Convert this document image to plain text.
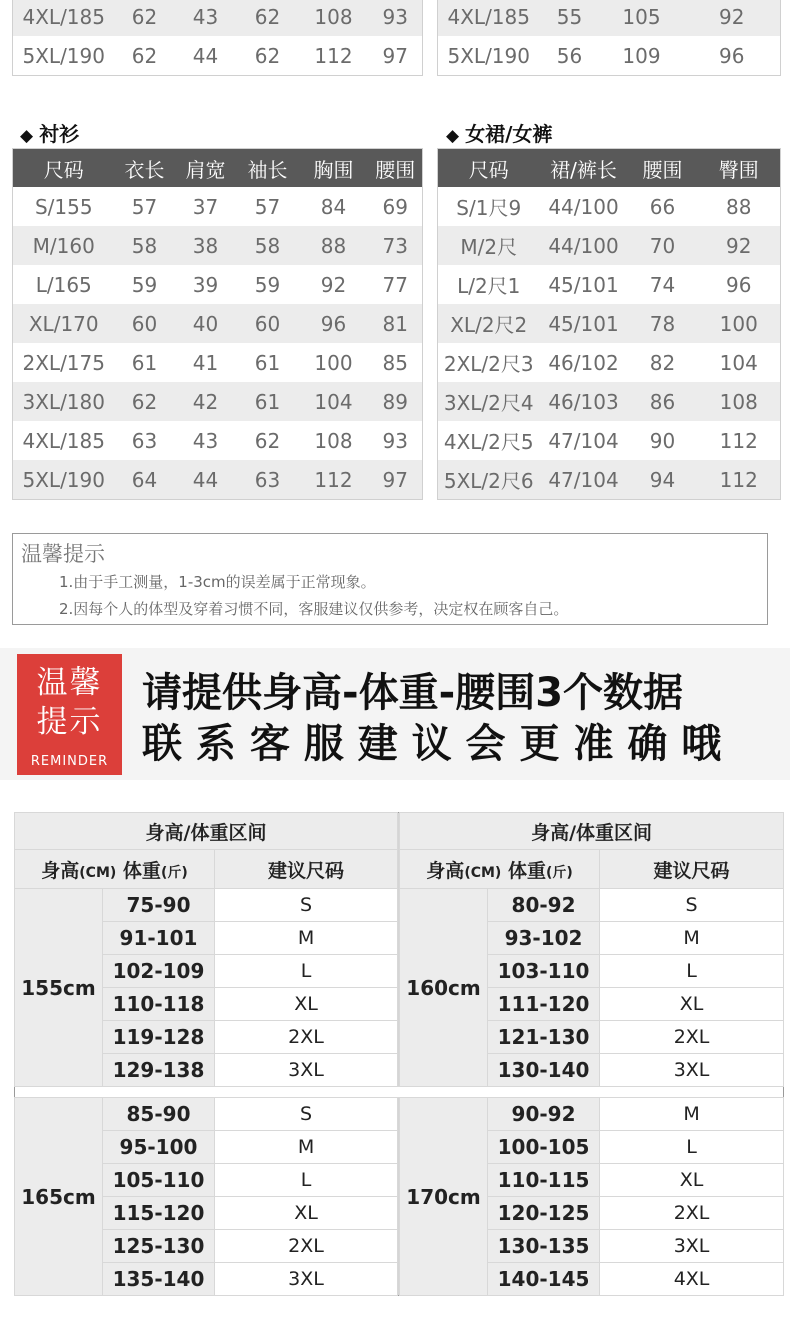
4XL/185	62	43	62	108	93
5XL/190	62	44	62	112	97
4XL/185	55	105	92
5XL/190	56	109	96
◆ 衬衫
尺码	衣长	肩宽	袖长	胸围	腰围
S/155	57	37	57	84	69
M/160	58	38	58	88	73
L/165	59	39	59	92	77
XL/170	60	40	60	96	81
2XL/175	61	41	61	100	85
3XL/180	62	42	61	104	89
4XL/185	63	43	62	108	93
5XL/190	64	44	63	112	97
◆ 女裙/女裤
尺码	裙/裤长	腰围	臀围
S/1尺9	44/100	66	88
M/2尺	44/100	70	92
L/2尺1	45/101	74	96
XL/2尺2	45/101	78	100
2XL/2尺3	46/102	82	104
3XL/2尺4	46/103	86	108
4XL/2尺5	47/104	90	112
5XL/2尺6	47/104	94	112
温馨提示
1.由于手工测量，1-3cm的误差属于正常现象。
2.因每个人的体型及穿着习惯不同，客服建议仅供参考，决定权在顾客自己。
温馨
提示
REMINDER
请提供身高-体重-腰围3个数据
联 系 客 服 建 议 会 更 准 确 哦
身高/体重区间				身高/体重区间		
身高(CM) 体重(斤)		建议尺码		身高(CM) 体重(斤)		建议尺码
155cm	75-90	S		160cm	80-92	S
	91-101	M			93-102	M
	102-109	L			103-110	L
	110-118	XL			111-120	XL
	119-128	2XL			121-130	2XL
	129-138	3XL			130-140	3XL

165cm	85-90	S		170cm	90-92	M
	95-100	M			100-105	L
	105-110	L			110-115	XL
	115-120	XL			120-125	2XL
	125-130	2XL			130-135	3XL
	135-140	3XL			140-145	4XL
